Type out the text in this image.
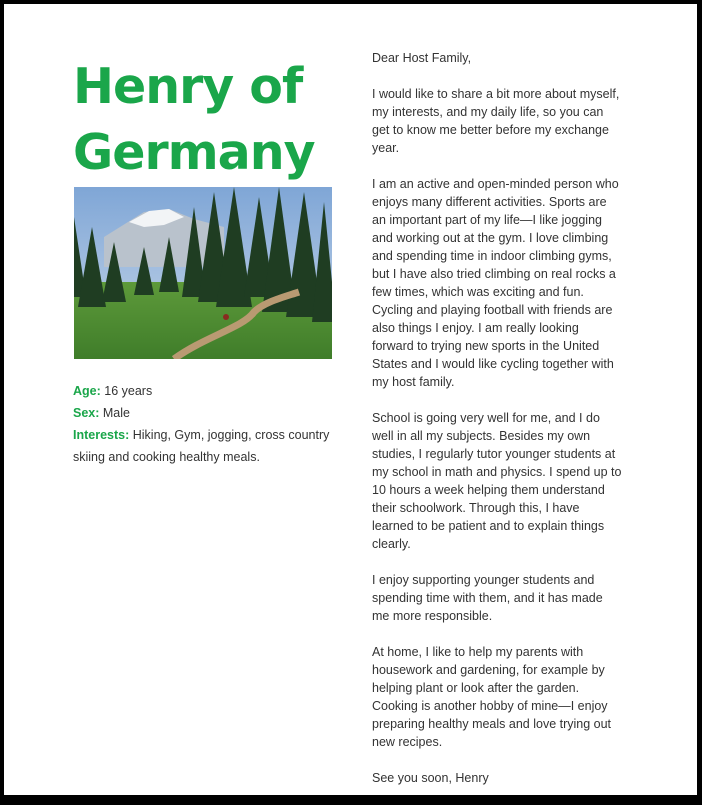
Henry of
Germany
Age: 16 years
Sex: Male
Interests: Hiking, Gym, jogging, cross country skiing and cooking healthy meals.

Dear Host Family,

I would like to share a bit more about myself,
my interests, and my daily life, so you can
get to know me better before my exchange
year.

I am an active and open-minded person who
enjoys many different activities. Sports are
an important part of my life—I like jogging
and working out at the gym. I love climbing
and spending time in indoor climbing gyms,
but I have also tried climbing on real rocks a
few times, which was exciting and fun.
Cycling and playing football with friends are
also things I enjoy. I am really looking
forward to trying new sports in the United
States and I would like cycling together with
my host family.

School is going very well for me, and I do
well in all my subjects. Besides my own
studies, I regularly tutor younger students at
my school in math and physics. I spend up to
10 hours a week helping them understand
their schoolwork. Through this, I have
learned to be patient and to explain things
clearly.

I enjoy supporting younger students and
spending time with them, and it has made
me more responsible.

At home, I like to help my parents with
housework and gardening, for example by
helping plant or look after the garden.
Cooking is another hobby of mine—I enjoy
preparing healthy meals and love trying out
new recipes.

See you soon, Henry
